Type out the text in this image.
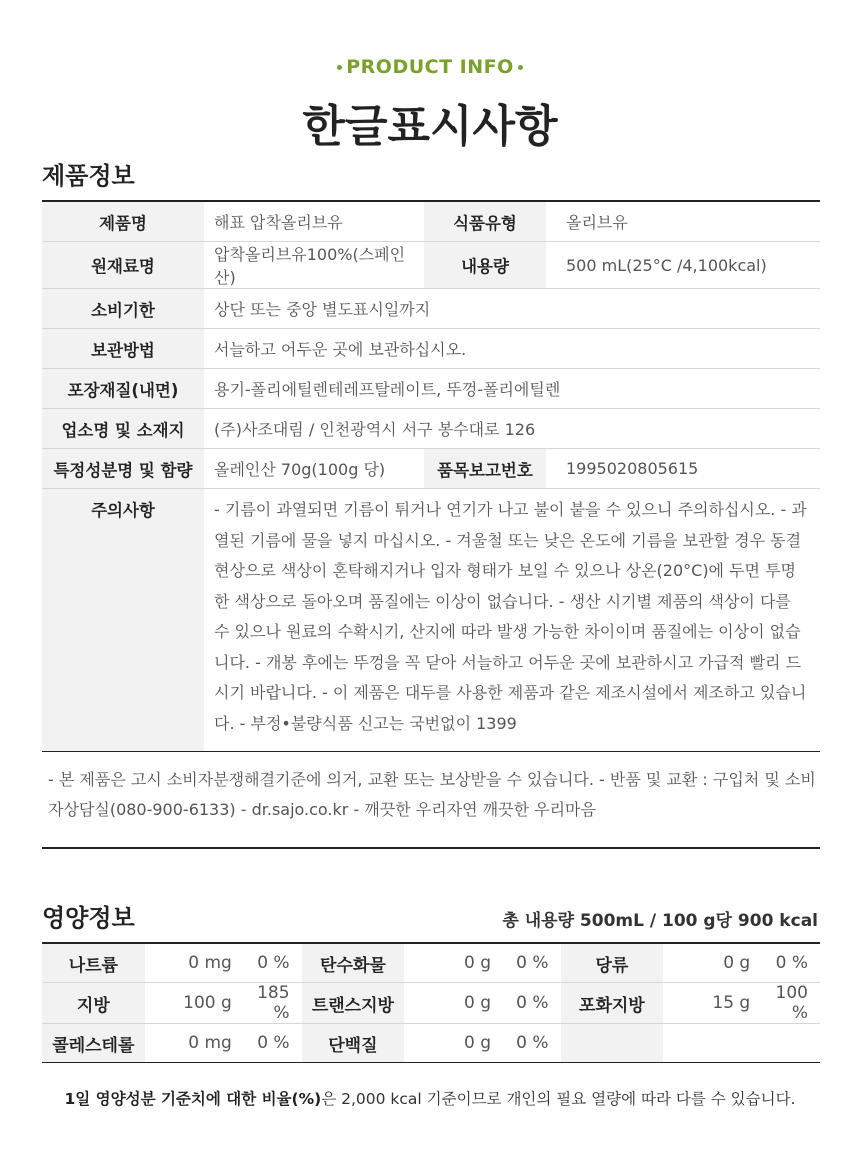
PRODUCT INFO
한글표시사항
제품정보
제품명	해표 압착올리브유	식품유형	올리브유
원재료명	압착올리브유100%(스페인산)	내용량	500 mL(25°C /4,100kcal)
소비기한	상단 또는 중앙 별도표시일까지		
보관방법	서늘하고 어두운 곳에 보관하십시오.		
포장재질(내면)	용기-폴리에틸렌테레프탈레이트, 뚜껑-폴리에틸렌		
업소명 및 소재지	(주)사조대림 / 인천광역시 서구 봉수대로 126		
특정성분명 및 함량	올레인산 70g(100g 당)	품목보고번호	1995020805615
주의사항	- 기름이 과열되면 기름이 튀거나 연기가 나고 불이 붙을 수 있으니 주의하십시오. - 과열된 기름에 물을 넣지 마십시오. - 겨울철 또는 낮은 온도에 기름을 보관할 경우 동결현상으로 색상이 혼탁해지거나 입자 형태가 보일 수 있으나 상온(20°C)에 두면 투명한 색상으로 돌아오며 품질에는 이상이 없습니다. - 생산 시기별 제품의 색상이 다를 수 있으나 원료의 수확시기, 산지에 따라 발생 가능한 차이이며 품질에는 이상이 없습니다. - 개봉 후에는 뚜껑을 꼭 닫아 서늘하고 어두운 곳에 보관하시고 가급적 빨리 드시기 바랍니다. - 이 제품은 대두를 사용한 제품과 같은 제조시설에서 제조하고 있습니다. - 부정•불량식품 신고는 국번없이 1399		
- 본 제품은 고시 소비자분쟁해결기준에 의거, 교환 또는 보상받을 수 있습니다. - 반품 및 교환 : 구입처 및 소비자상담실(080-900-6133) - dr.sajo.co.kr - 깨끗한 우리자연 깨끗한 우리마음
영양정보	총 내용량 500mL / 100 g당 900 kcal
나트륨	0 mg	0 %	탄수화물	0 g	0 %	당류	0 g	0 %
지방	100 g	185 %	트랜스지방	0 g	0 %	포화지방	15 g	100 %
콜레스테롤	0 mg	0 %	단백질	0 g	0 %			
1일 영양성분 기준치에 대한 비율(%)은 2,000 kcal 기준이므로 개인의 필요 열량에 따라 다를 수 있습니다.
